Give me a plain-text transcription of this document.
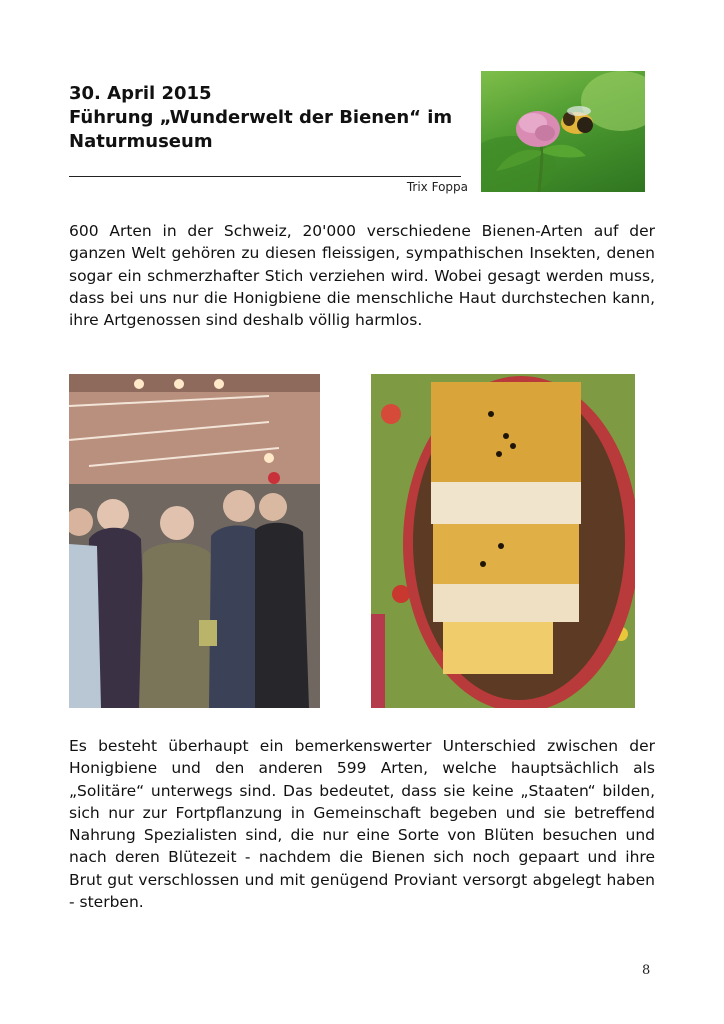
30. April 2015
Führung „Wunderwelt der Bienen“ im
Naturmuseum
Trix Foppa

600 Arten in der Schweiz, 20'000 verschiedene Bienen-Arten auf der ganzen Welt gehören zu diesen fleissigen, sympathischen Insekten, denen sogar ein schmerzhafter Stich verziehen wird. Wobei gesagt werden muss, dass bei uns nur die Honigbiene die menschliche Haut durchstechen kann, ihre Artgenossen sind deshalb völlig harmlos.

Es besteht überhaupt ein bemerkenswerter Unterschied zwischen der Honigbiene und den anderen 599 Arten, welche hauptsächlich als „Solitäre“ unterwegs sind. Das bedeutet, dass sie keine „Staaten“ bilden, sich nur zur Fortpflanzung in Gemeinschaft begeben und sie betreffend Nahrung Spezialisten sind, die nur eine Sorte von Blüten besuchen und nach deren Blütezeit - nachdem die Bienen sich noch gepaart und ihre Brut gut verschlossen und mit genügend Proviant versorgt abgelegt haben - sterben.

8
